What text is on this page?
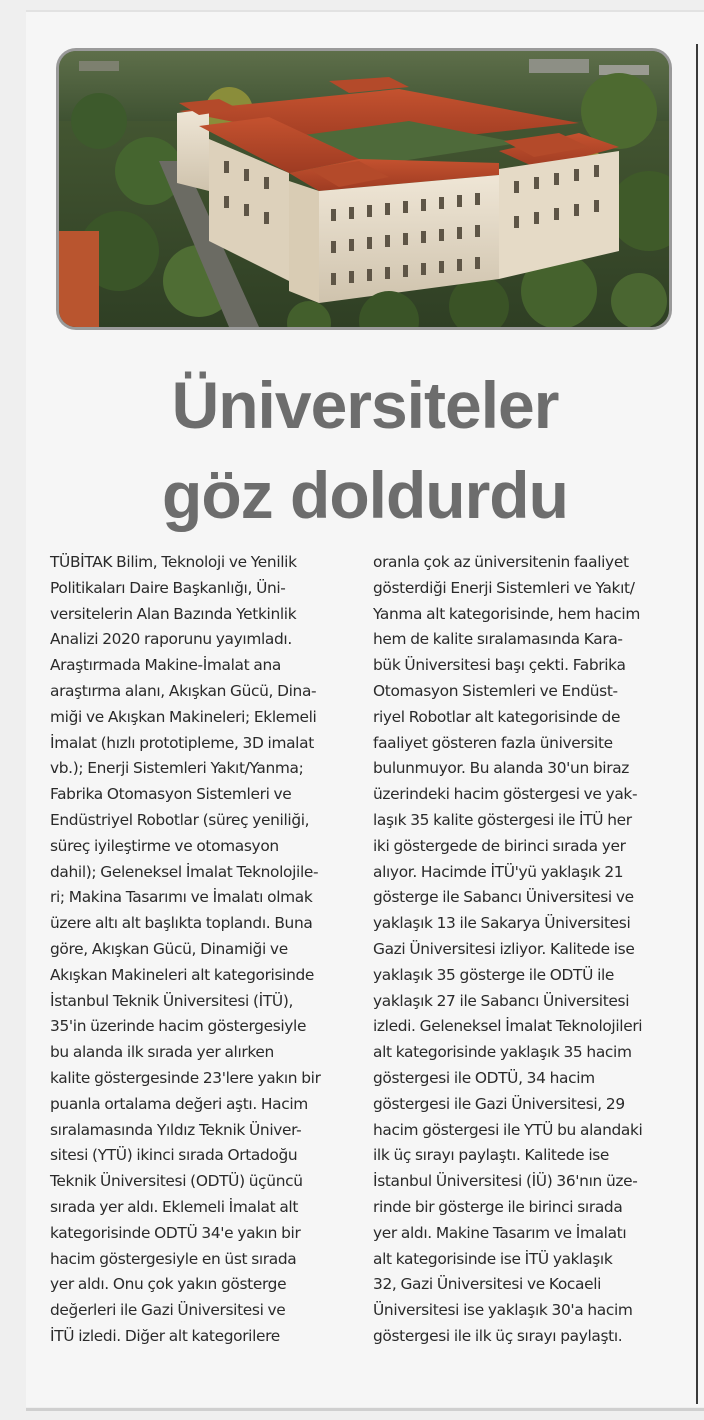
Üniversiteler
göz doldurdu
TÜBİTAK Bilim, Teknoloji ve Yenilik
Politikaları Daire Başkanlığı, Üni-
versitelerin Alan Bazında Yetkinlik
Analizi 2020 raporunu yayımladı.
Araştırmada Makine-İmalat ana
araştırma alanı, Akışkan Gücü, Dina-
miği ve Akışkan Makineleri; Eklemeli
İmalat (hızlı prototipleme, 3D imalat
vb.); Enerji Sistemleri Yakıt/Yanma;
Fabrika Otomasyon Sistemleri ve
Endüstriyel Robotlar (süreç yeniliği,
süreç iyileştirme ve otomasyon
dahil); Geleneksel İmalat Teknolojile-
ri; Makina Tasarımı ve İmalatı olmak
üzere altı alt başlıkta toplandı. Buna
göre, Akışkan Gücü, Dinamiği ve
Akışkan Makineleri alt kategorisinde
İstanbul Teknik Üniversitesi (İTÜ),
35'in üzerinde hacim göstergesiyle
bu alanda ilk sırada yer alırken
kalite göstergesinde 23'lere yakın bir
puanla ortalama değeri aştı. Hacim
sıralamasında Yıldız Teknik Üniver-
sitesi (YTÜ) ikinci sırada Ortadoğu
Teknik Üniversitesi (ODTÜ) üçüncü
sırada yer aldı. Eklemeli İmalat alt
kategorisinde ODTÜ 34'e yakın bir
hacim göstergesiyle en üst sırada
yer aldı. Onu çok yakın gösterge
değerleri ile Gazi Üniversitesi ve
İTÜ izledi. Diğer alt kategorilere
oranla çok az üniversitenin faaliyet
gösterdiği Enerji Sistemleri ve Yakıt/
Yanma alt kategorisinde, hem hacim
hem de kalite sıralamasında Kara-
bük Üniversitesi başı çekti. Fabrika
Otomasyon Sistemleri ve Endüst-
riyel Robotlar alt kategorisinde de
faaliyet gösteren fazla üniversite
bulunmuyor. Bu alanda 30'un biraz
üzerindeki hacim göstergesi ve yak-
laşık 35 kalite göstergesi ile İTÜ her
iki göstergede de birinci sırada yer
alıyor. Hacimde İTÜ'yü yaklaşık 21
gösterge ile Sabancı Üniversitesi ve
yaklaşık 13 ile Sakarya Üniversitesi
Gazi Üniversitesi izliyor. Kalitede ise
yaklaşık 35 gösterge ile ODTÜ ile
yaklaşık 27 ile Sabancı Üniversitesi
izledi. Geleneksel İmalat Teknolojileri
alt kategorisinde yaklaşık 35 hacim
göstergesi ile ODTÜ, 34 hacim
göstergesi ile Gazi Üniversitesi, 29
hacim göstergesi ile YTÜ bu alandaki
ilk üç sırayı paylaştı. Kalitede ise
İstanbul Üniversitesi (İÜ) 36'nın üze-
rinde bir gösterge ile birinci sırada
yer aldı. Makine Tasarım ve İmalatı
alt kategorisinde ise İTÜ yaklaşık
32, Gazi Üniversitesi ve Kocaeli
Üniversitesi ise yaklaşık 30'a hacim
göstergesi ile ilk üç sırayı paylaştı.
